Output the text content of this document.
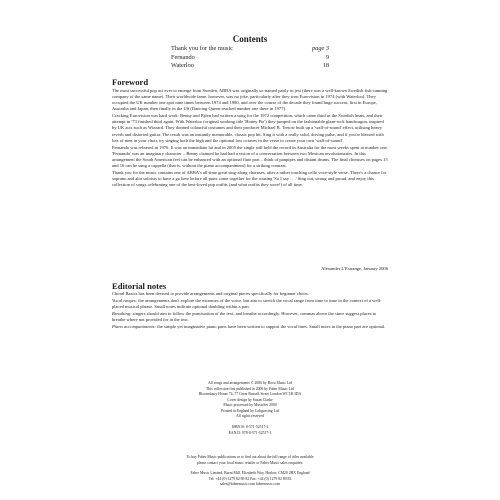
Contents
Thank you for the music	page 3
Fernando	9
Waterloo	18
Foreword

The most successful pop act ever to emerge from Sweden, ABBA was originally so-named partly in jest (there was a well-known Swedish fish-canning company of the same name). Their worldwide fame, however, was no joke, particularly after they won Eurovision in 1974 (with Waterloo). They occupied the UK number one spot nine times between 1974 and 1980, and over the course of the decade they found huge success, first in Europe, Australia and Japan, then finally in the US (Dancing Queen reached number one there in 1977).

Cracking Eurovision was hard work: Benny and Björn had written a song for the 1972 competition, which came third in the Swedish heats, and their attempt in '73 finished third again. With Waterloo (original working title 'Honey Pie') they jumped on the fashionable glam-rock bandwagon, inspired by UK acts such as Wizzard. They donned colourful costumes and their producer Michael B. Tretow built up a 'wall-of-sound' effect, utilising heavy reverb and distorted guitar. The result was an instantly memorable, classic pop hit. Sing it with a really solid, driving pulse, and if you're blessed with lots of men in your choir, try singing both the high and the optional low octaves in the verse to create your own 'wall-of-sound'.

Fernando was released in 1976. It was an immediate hit and in 2005 the single still held the record in Australia for the most weeks spent at number one. 'Fernando' was an imaginary character – Benny claimed he had had a vision of a conversation between two Mexican revolutionaries. In this arrangement the South American feel can be enhanced with an optional flute part – think of panpipes and distant drums. The final choruses on pages 15 and 16 can be sung a cappella (that is, without the piano accompaniment) for a striking contrast.

Thank you for the music contains one of ABBA's all-time great sing-along choruses, after a rather touching cello voce-style verse. There's a chance for soprano and alto soloists to have a go here before all parts come together for the rousing 'So I say . . .' Sing out, strong and proud, and enjoy this collection of songs celebrating one of the best-loved pop outfits (and what outfits they wore!) of all time.

Alexander L'Estrange, January 2006
Editorial notes

Choral Basics has been devised to provide arrangements and original pieces specifically for beginner choirs.

Vocal ranges: the arrangements don't explore the extremes of the voice, but aim to stretch the vocal range from time to time in the context of a well-placed musical phrase. Small notes indicate optional doubling within a part.

Breathing: singers should aim to follow the punctuation of the text, and breathe accordingly. However, commas above the stave suggest places to breathe where not provided for in the text.

Piano accompaniments: the simple yet imaginative piano parts have been written to support the vocal lines. Small notes in the piano part are optional.

All songs and arrangements © 2006 by Bocu Music Ltd
This collection first published in 2006 by Faber Music Ltd
Bloomsbury House 74–77 Great Russell Street London WC1B 3DA
Cover design by Susan Clarke
Music processed by MusicSet 2000
Printed in England by Caligraving Ltd
All rights reserved

ISBN10: 0-571-52517-2
EAN13: 978-0-571-52517-1
To buy Faber Music publications or to find out about the full range of titles available
please contact your local music retailer or Faber Music sales enquiries:
Faber Music Limited, Burnt Mill, Elizabeth Way, Harlow, CM20 2HX England
Tel: +44 (0) 1279 82 89 82 Fax: +44 (0) 1279 82 89 83
sales@fabermusic.com fabermusic.com
